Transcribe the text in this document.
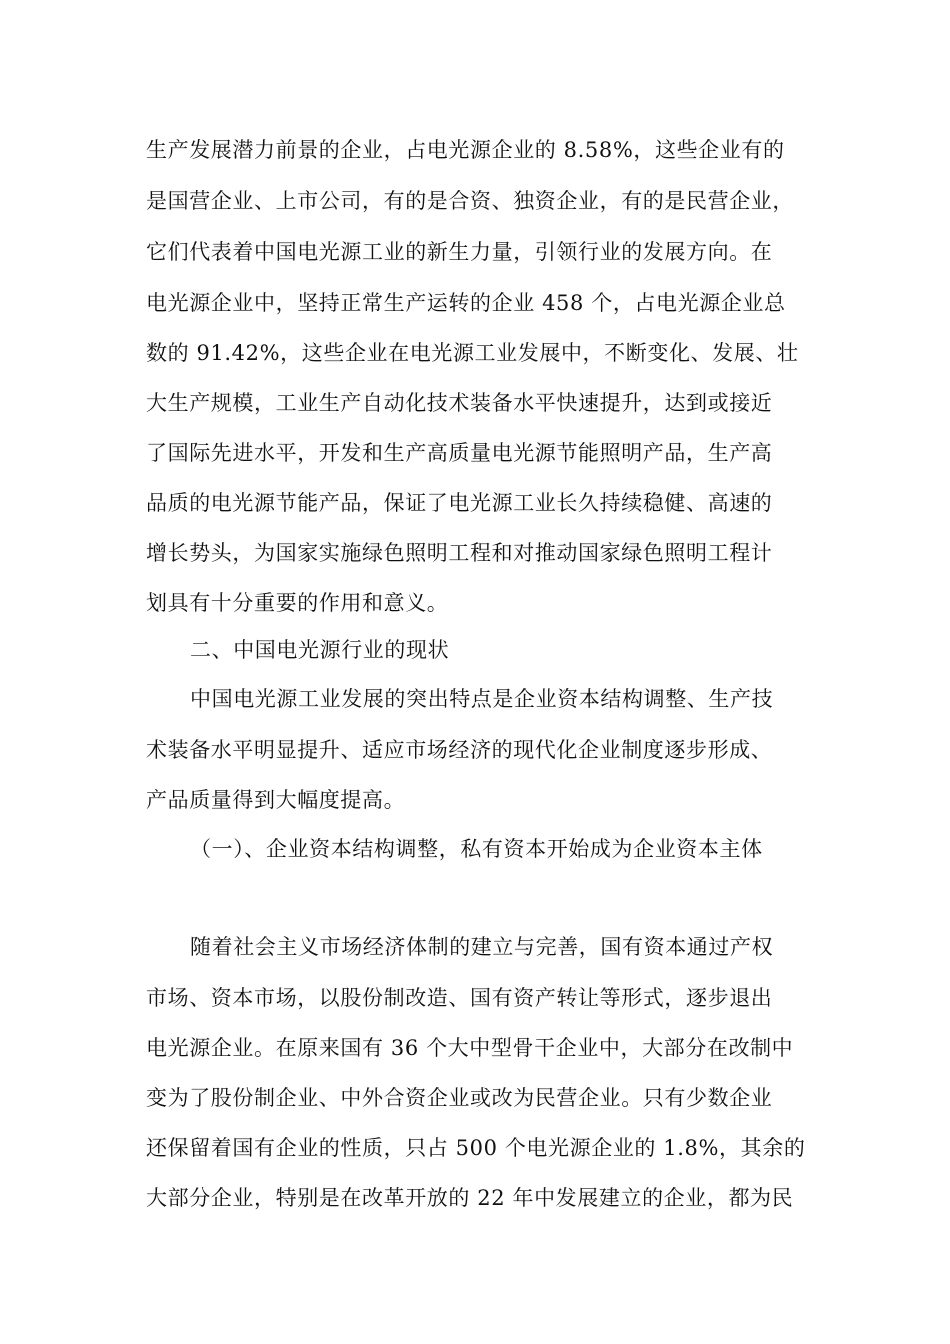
生产发展潜力前景的企业，占电光源企业的 8.58%，这些企业有的
是国营企业、上市公司，有的是合资、独资企业，有的是民营企业，
它们代表着中国电光源工业的新生力量，引领行业的发展方向。在
电光源企业中，坚持正常生产运转的企业 458 个，占电光源企业总
数的 91.42%，这些企业在电光源工业发展中，不断变化、发展、壮
大生产规模，工业生产自动化技术装备水平快速提升，达到或接近
了国际先进水平，开发和生产高质量电光源节能照明产品，生产高
品质的电光源节能产品，保证了电光源工业长久持续稳健、高速的
增长势头，为国家实施绿色照明工程和对推动国家绿色照明工程计
划具有十分重要的作用和意义。
二、中国电光源行业的现状
中国电光源工业发展的突出特点是企业资本结构调整、生产技
术装备水平明显提升、适应市场经济的现代化企业制度逐步形成、
产品质量得到大幅度提高。
（一）、企业资本结构调整，私有资本开始成为企业资本主体
随着社会主义市场经济体制的建立与完善，国有资本通过产权
市场、资本市场，以股份制改造、国有资产转让等形式，逐步退出
电光源企业。在原来国有 36 个大中型骨干企业中，大部分在改制中
变为了股份制企业、中外合资企业或改为民营企业。只有少数企业
还保留着国有企业的性质，只占 500 个电光源企业的 1.8%，其余的
大部分企业，特别是在改革开放的 22 年中发展建立的企业，都为民
